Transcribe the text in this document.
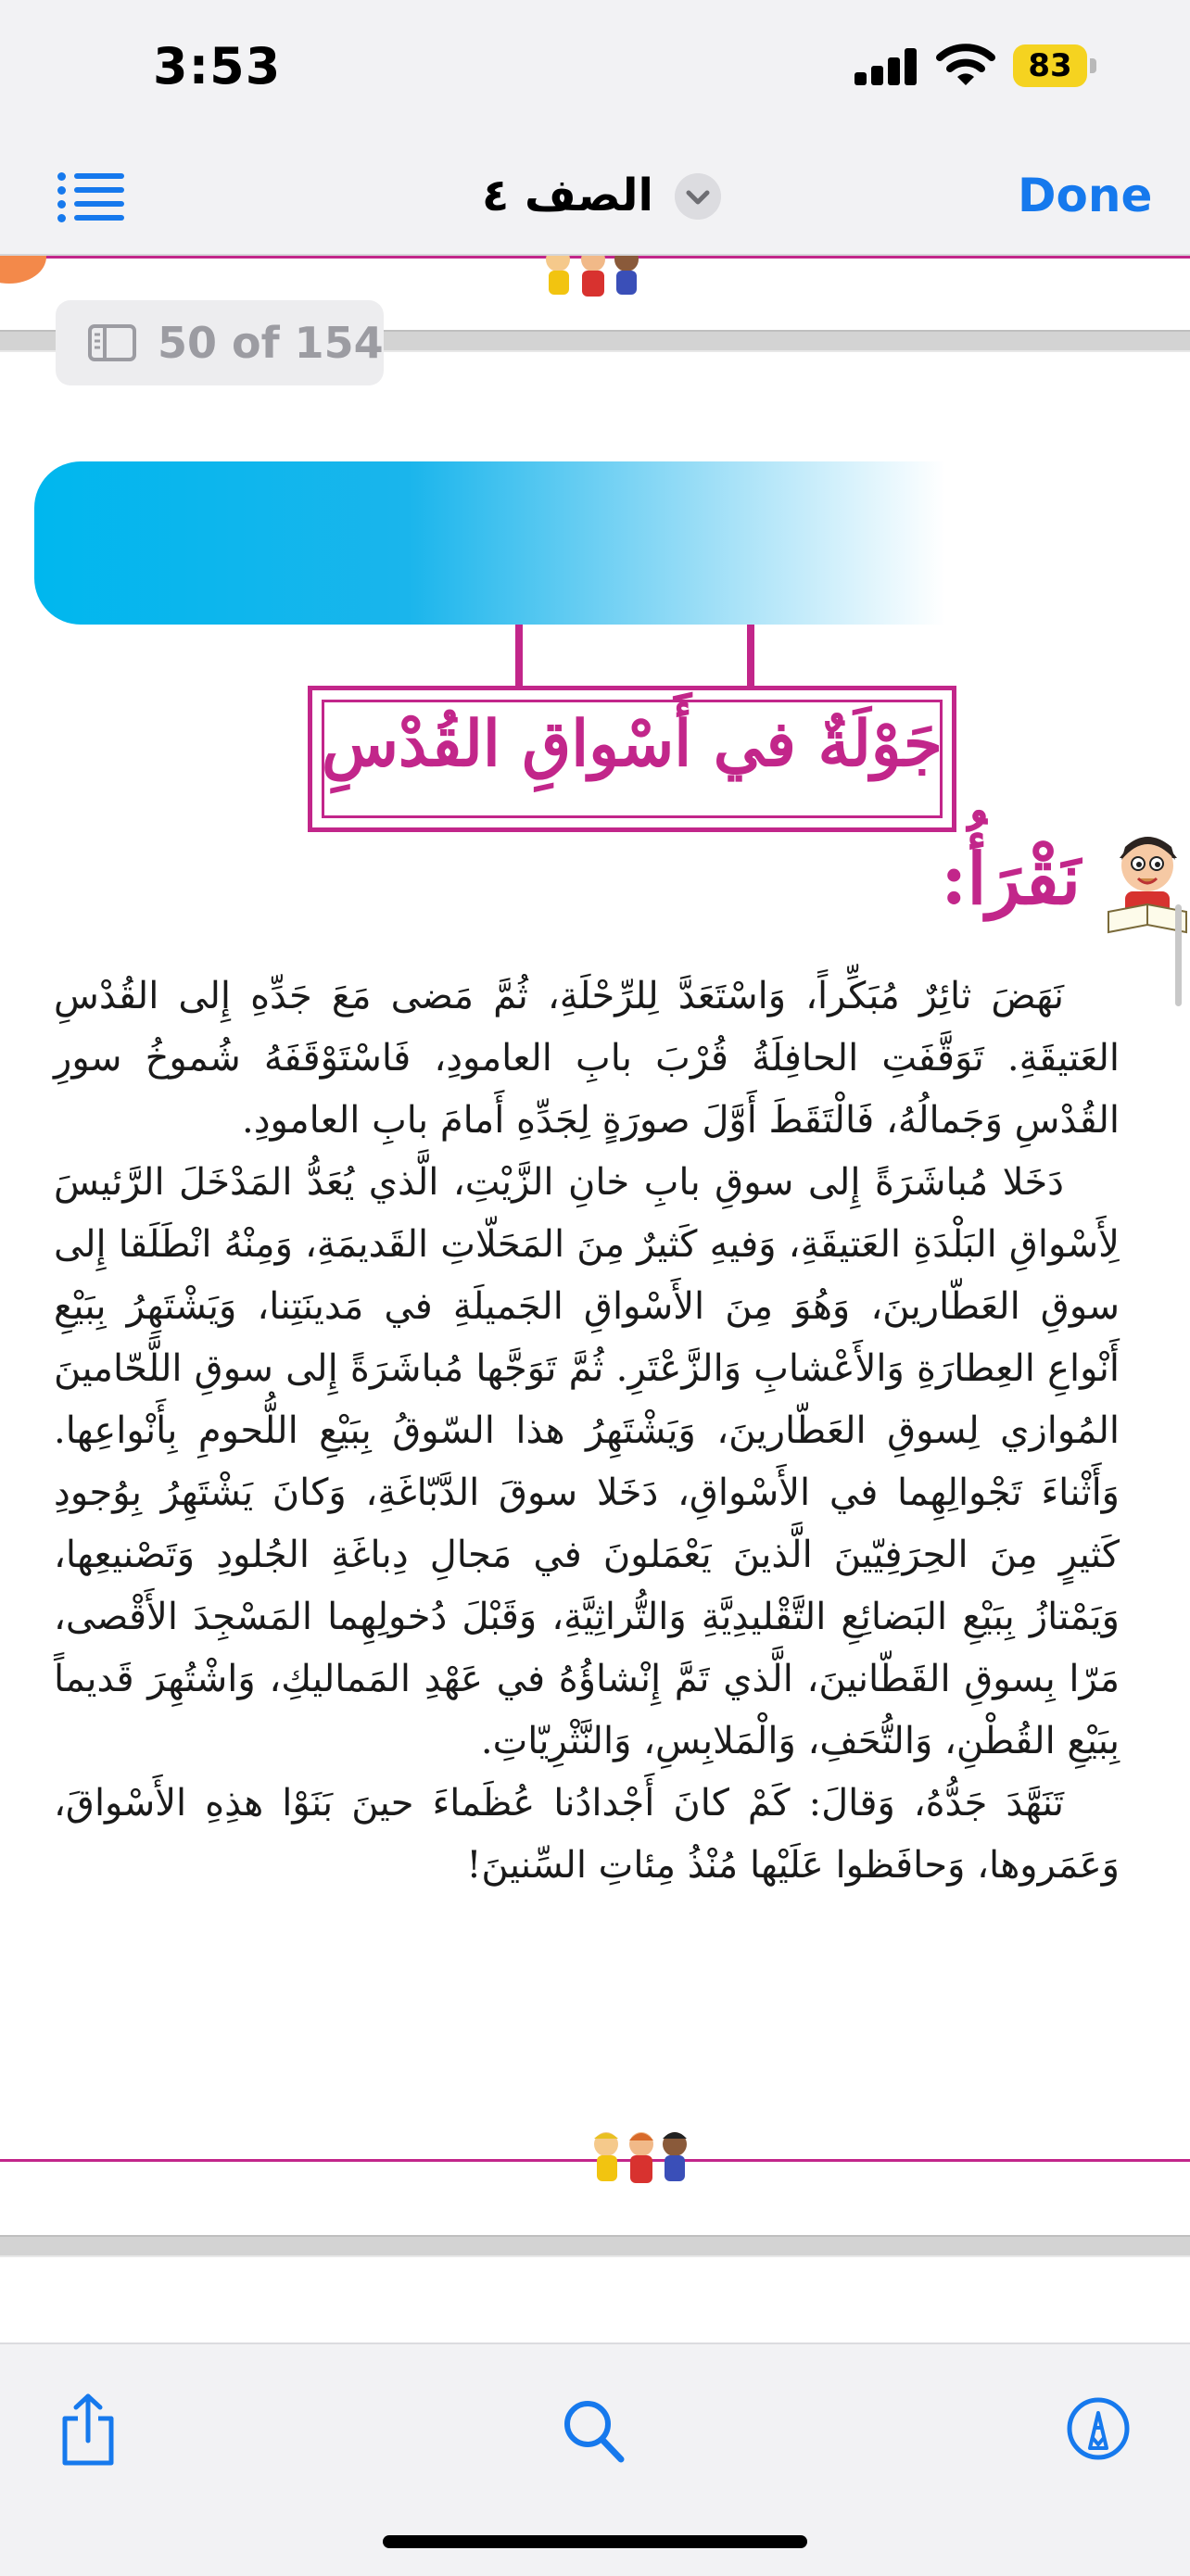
3:53	83
الصف ٤	Done
50 of 154
جَوْلَةٌ في أَسْواقِ القُدْسِ
نَقْرَأُ:

نَهَضَ ثائِرٌ مُبَكِّراً، وَاسْتَعَدَّ لِلرِّحْلَةِ، ثُمَّ مَضى مَعَ جَدِّهِ إِلى القُدْسِ العَتيقَةِ. تَوَقَّفَتِ الحافِلَةُ قُرْبَ بابِ العامودِ، فَاسْتَوْقَفَهُ شُموخُ سورِ القُدْسِ وَجَمالُهُ، فَالْتَقَطَ أَوَّلَ صورَةٍ لِجَدِّهِ أَمامَ بابِ العامودِ.

دَخَلا مُباشَرَةً إِلى سوقِ بابِ خانِ الزَّيْتِ، الَّذي يُعَدُّ المَدْخَلَ الرَّئيسَ لِأَسْواقِ البَلْدَةِ العَتيقَةِ، وَفيهِ كَثيرٌ مِنَ المَحَلّاتِ القَديمَةِ، وَمِنْهُ انْطَلَقا إِلى سوقِ العَطّارينَ، وَهُوَ مِنَ الأَسْواقِ الجَميلَةِ في مَدينَتِنا، وَيَشْتَهِرُ بِبَيْعِ أَنْواعِ العِطارَةِ وَالأَعْشابِ وَالزَّعْتَرِ. ثُمَّ تَوَجَّها مُباشَرَةً إِلى سوقِ اللَّحّامينَ المُوازي لِسوقِ العَطّارينَ، وَيَشْتَهِرُ هذا السّوقُ بِبَيْعِ اللُّحومِ بِأَنْواعِها. وَأَثْناءَ تَجْوالِهِما في الأَسْواقِ، دَخَلا سوقَ الدَّبّاغَةِ، وَكانَ يَشْتَهِرُ بِوُجودِ كَثيرٍ مِنَ الحِرَفِيّينَ الَّذينَ يَعْمَلونَ في مَجالِ دِباغَةِ الجُلودِ وَتَصْنيعِها، وَيَمْتازُ بِبَيْعِ البَضائِعِ التَّقْليدِيَّةِ وَالتُّراثِيَّةِ، وَقَبْلَ دُخولِهِما المَسْجِدَ الأَقْصى، مَرّا بِسوقِ القَطّانينَ، الَّذي تَمَّ إِنْشاؤُهُ في عَهْدِ المَماليكِ، وَاشْتُهِرَ قَديماً بِبَيْعِ القُطْنِ، وَالتُّحَفِ، وَالْمَلابِسِ، وَالنَّثْرِيّاتِ.

تَنَهَّدَ جَدُّهُ، وَقالَ: كَمْ كانَ أَجْدادُنا عُظَماءَ حينَ بَنَوْا هذِهِ الأَسْواقَ، وَعَمَروها، وَحافَظوا عَلَيْها مُنْذُ مِئاتِ السِّنينَ!
